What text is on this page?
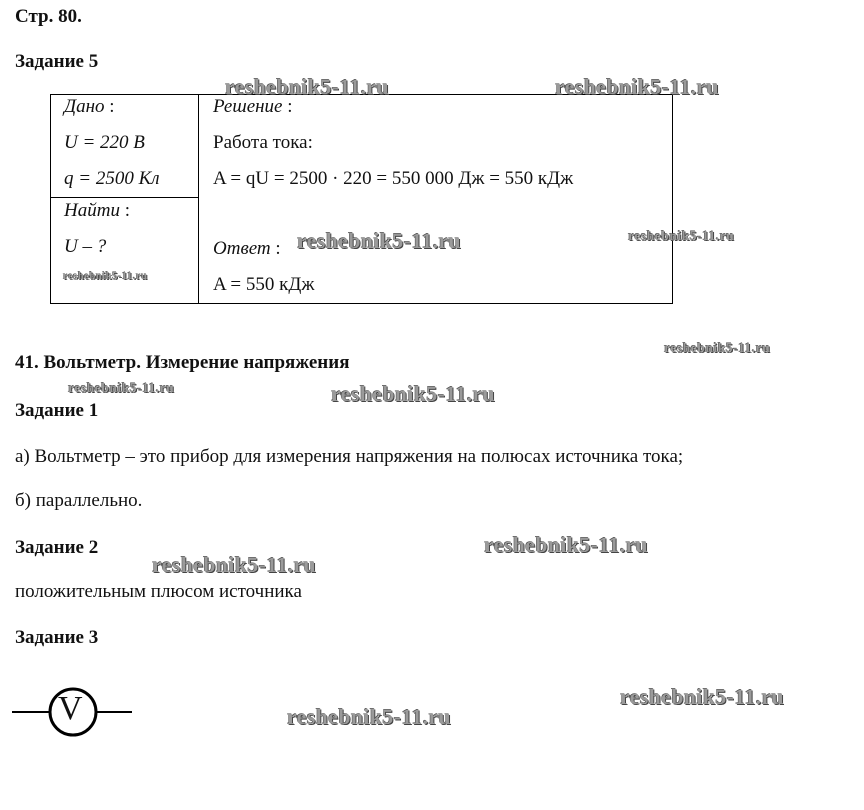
Стр. 80.
Задание 5
Дано :
U = 220 В
q = 2500 Кл
Найти :
U – ?
Решение :
Работа тока:
A = qU = 2500 · 220 = 550 000 Дж = 550 кДж
Ответ :
A = 550 кДж
41. Вольтметр. Измерение напряжения
Задание 1
а) Вольтметр – это прибор для измерения напряжения на полюсах источника тока;
б) параллельно.
Задание 2
положительным плюсом источника
Задание 3
V
reshebnik5-11.ru	reshebnik5-11.ru
reshebnik5-11.ru	reshebnik5-11.ru
reshebnik5-11.ru
reshebnik5-11.ru
reshebnik5-11.ru	reshebnik5-11.ru
reshebnik5-11.ru
reshebnik5-11.ru
reshebnik5-11.ru
reshebnik5-11.ru
